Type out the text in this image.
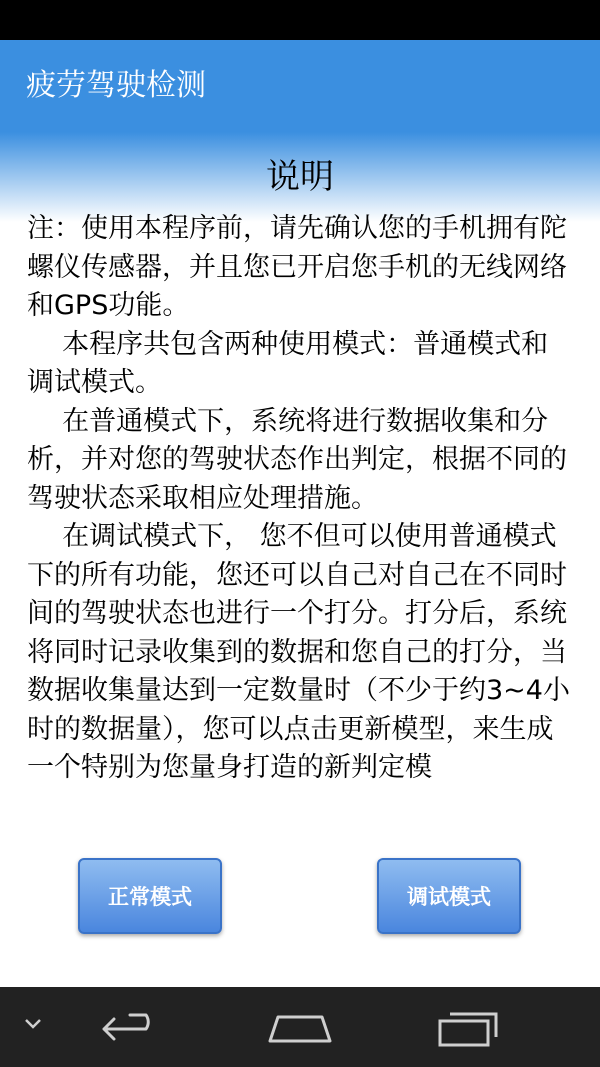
疲劳驾驶检测
说明

注：使用本程序前，请先确认您的手机拥有陀螺仪传感器，并且您已开启您手机的无线网络和GPS功能。

本程序共包含两种使用模式：普通模式和调试模式。

在普通模式下，系统将进行数据收集和分析，并对您的驾驶状态作出判定，根据不同的驾驶状态采取相应处理措施。

在调试模式下， 您不但可以使用普通模式下的所有功能，您还可以自己对自己在不同时间的驾驶状态也进行一个打分。打分后，系统将同时记录收集到的数据和您自己的打分，当数据收集量达到一定数量时（不少于约3~4小时的数据量），您可以点击更新模型，来生成一个特别为您量身打造的新判定模

正常模式	调试模式
